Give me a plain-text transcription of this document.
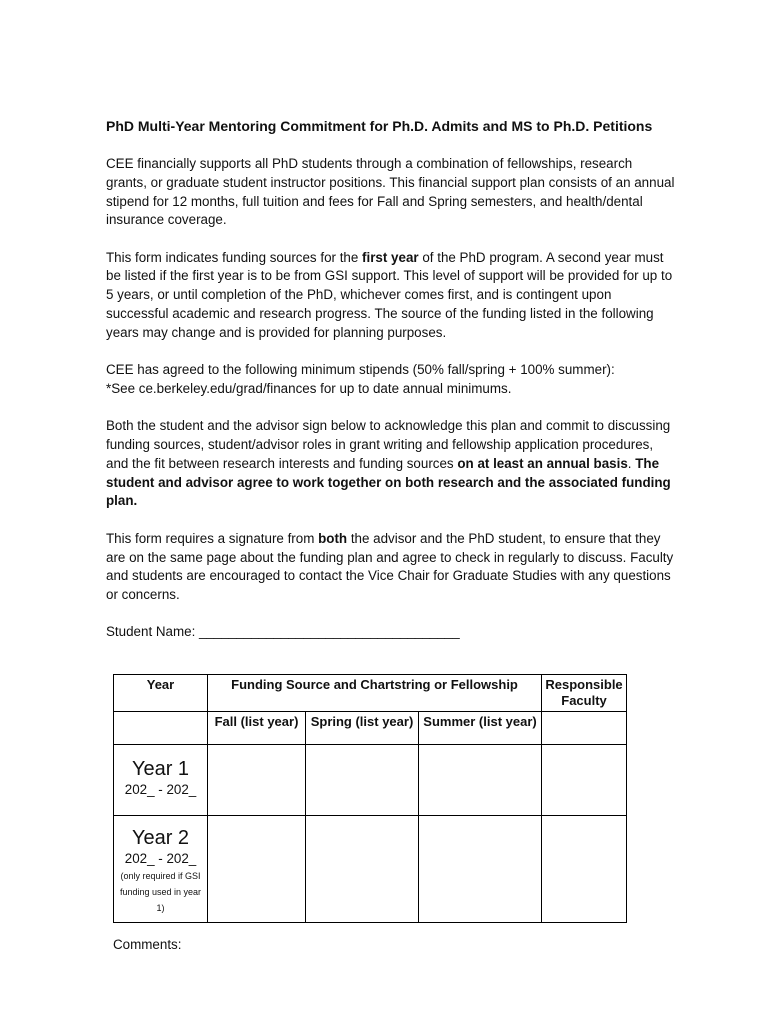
PhD Multi-Year Mentoring Commitment for Ph.D. Admits and MS to Ph.D. Petitions

CEE financially supports all PhD students through a combination of fellowships, research grants, or graduate student instructor positions. This financial support plan consists of an annual stipend for 12 months, full tuition and fees for Fall and Spring semesters, and health/dental insurance coverage.

This form indicates funding sources for the first year of the PhD program. A second year must be listed if the first year is to be from GSI support. This level of support will be provided for up to 5 years, or until completion of the PhD, whichever comes first, and is contingent upon successful academic and research progress. The source of the funding listed in the following years may change and is provided for planning purposes.

CEE has agreed to the following minimum stipends (50% fall/spring + 100% summer):
*See ce.berkeley.edu/grad/finances for up to date annual minimums.

Both the student and the advisor sign below to acknowledge this plan and commit to discussing funding sources, student/advisor roles in grant writing and fellowship application procedures, and the fit between research interests and funding sources on at least an annual basis. The student and advisor agree to work together on both research and the associated funding plan.

This form requires a signature from both the advisor and the PhD student, to ensure that they are on the same page about the funding plan and agree to check in regularly to discuss. Faculty and students are encouraged to contact the Vice Chair for Graduate Studies with any questions or concerns.

Student Name: ___________________________________
Year	Funding Source and Chartstring or Fellowship			Responsible Faculty
	Fall (list year)	Spring (list year)	Summer (list year)	

Year 1
202_ - 202_				

Year 2
202_ - 202_
(only required if GSI funding used in year 1)				
Comments:
